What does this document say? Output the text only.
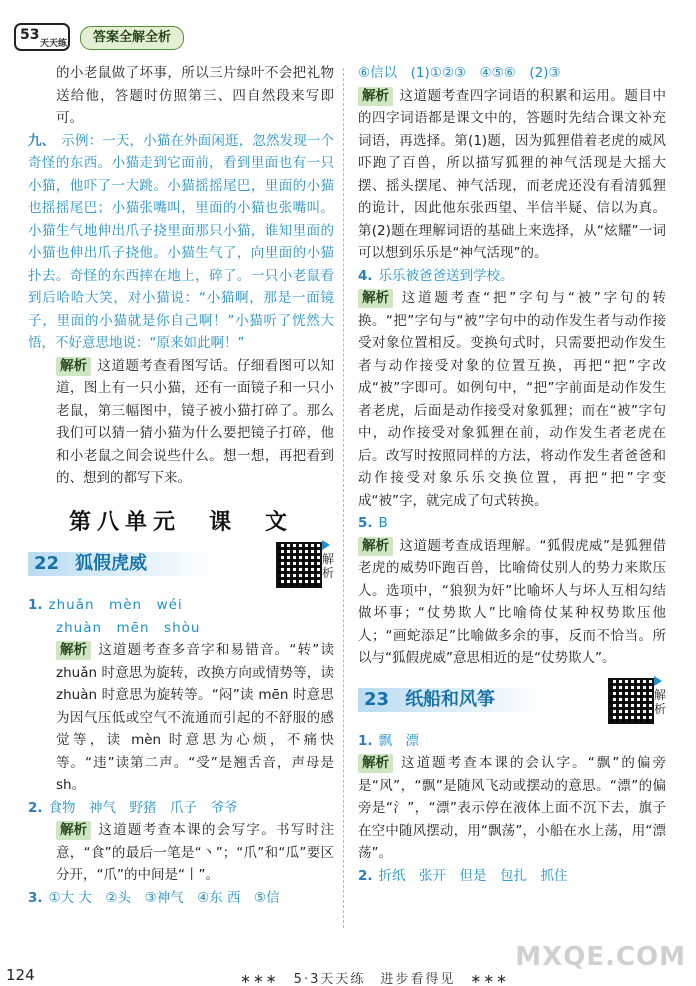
53
天天练	答案全解全析

的小老鼠做了坏事，所以三片绿叶不会把礼物送给他，答题时仿照第三、四自然段来写即可。

九、 示例：一天，小猫在外面闲逛，忽然发现一个奇怪的东西。小猫走到它面前，看到里面也有一只小猫，他吓了一大跳。小猫摇摇尾巴，里面的小猫也摇摇尾巴；小猫张嘴叫，里面的小猫也张嘴叫。小猫生气地伸出爪子挠里面那只小猫，谁知里面的小猫也伸出爪子挠他。小猫生气了，向里面的小猫扑去。奇怪的东西摔在地上，碎了。一只小老鼠看到后哈哈大笑，对小猫说：“小猫啊，那是一面镜子，里面的小猫就是你自己啊！”小猫听了恍然大悟，不好意思地说：“原来如此啊！”

解析 这道题考查看图写话。仔细看图可以知道，图上有一只小猫，还有一面镜子和一只小老鼠，第三幅图中，镜子被小猫打碎了。那么我们可以猜一猜小猫为什么要把镜子打碎，他和小老鼠之间会说些什么。想一想，再把看到的、想到的都写下来。

第八单元　课　文
22 狐假虎威	解析

1. zhuǎn　mèn　wéi

zhuàn　mēn　shòu

解析 这道题考查多音字和易错音。“转”读zhuǎn 时意思为旋转，改换方向或情势等，读zhuàn 时意思为旋转等。“闷”读 mēn 时意思为因气压低或空气不流通而引起的不舒服的感觉等，读 mèn 时意思为心烦，不痛快等。“违”读第二声。“受”是翘舌音，声母是 sh。

2. 食物　神气　野猪　爪子　爷爷

解析 这道题考查本课的会写字。书写时注意，“食”的最后一笔是“丶”；“爪”和“瓜”要区分开，“爪”的中间是“丨”。

3. ①大 大　②头　③神气　④东 西　⑤信

⑥信以　(1)①②③　④⑤⑥　(2)③

解析 这道题考查四字词语的积累和运用。题目中的四字词语都是课文中的，答题时先结合课文补充词语，再选择。第(1)题，因为狐狸借着老虎的威风吓跑了百兽，所以描写狐狸的神气活现是大摇大摆、摇头摆尾、神气活现，而老虎还没有看清狐狸的诡计，因此他东张西望、半信半疑、信以为真。第(2)题在理解词语的基础上来选择，从“炫耀”一词可以想到乐乐是“神气活现”的。

4. 乐乐被爸爸送到学校。

解析 这道题考查“把”字句与“被”字句的转换。“把”字句与“被”字句中的动作发生者与动作接受对象位置相反。变换句式时，只需要把动作发生者与动作接受对象的位置互换，再把“把”字改成“被”字即可。如例句中，“把”字前面是动作发生者老虎，后面是动作接受对象狐狸；而在“被”字句中，动作接受对象狐狸在前，动作发生者老虎在后。改写时按照同样的方法，将动作发生者爸爸和动作接受对象乐乐交换位置，再把“把”字变成“被”字，就完成了句式转换。

5. B

解析 这道题考查成语理解。“狐假虎威”是狐狸借老虎的威势吓跑百兽，比喻倚仗别人的势力来欺压人。选项中，“狼狈为奸”比喻坏人与坏人互相勾结做坏事；“仗势欺人”比喻倚仗某种权势欺压他人；“画蛇添足”比喻做多余的事，反而不恰当。所以与“狐假虎威”意思相近的是“仗势欺人”。

23 纸船和风筝	解析

1. 飘　漂

解析 这道题考查本课的会认字。“飘”的偏旁是“风”，“飘”是随风飞动或摆动的意思。“漂”的偏旁是“氵”，“漂”表示停在液体上面不沉下去，旗子在空中随风摆动，用“飘荡”，小船在水上荡，用“漂荡”。

2. 折纸　张开　但是　包扎　抓住

124	∗∗∗　5·3天天练　进步看得见　∗∗∗
MXQE.COM
